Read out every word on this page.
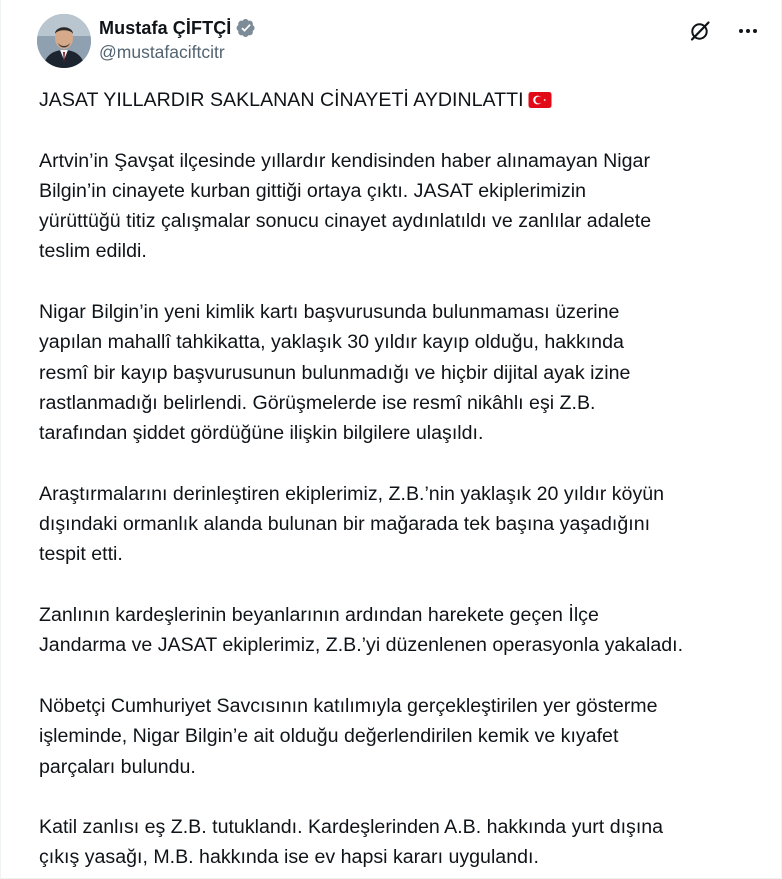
Mustafa ÇİFTÇİ
@mustafaciftcitr
JASAT YILLARDIR SAKLANAN CİNAYETİ AYDINLATTI
Artvin’in Şavşat ilçesinde yıllardır kendisinden haber alınamayan Nigar
Bilgin’in cinayete kurban gittiği ortaya çıktı. JASAT ekiplerimizin
yürüttüğü titiz çalışmalar sonucu cinayet aydınlatıldı ve zanlılar adalete
teslim edildi.
Nigar Bilgin’in yeni kimlik kartı başvurusunda bulunmaması üzerine
yapılan mahallî tahkikatta, yaklaşık 30 yıldır kayıp olduğu, hakkında
resmî bir kayıp başvurusunun bulunmadığı ve hiçbir dijital ayak izine
rastlanmadığı belirlendi. Görüşmelerde ise resmî nikâhlı eşi Z.B.
tarafından şiddet gördüğüne ilişkin bilgilere ulaşıldı.
Araştırmalarını derinleştiren ekiplerimiz, Z.B.’nin yaklaşık 20 yıldır köyün
dışındaki ormanlık alanda bulunan bir mağarada tek başına yaşadığını
tespit etti.
Zanlının kardeşlerinin beyanlarının ardından harekete geçen İlçe
Jandarma ve JASAT ekiplerimiz, Z.B.’yi düzenlenen operasyonla yakaladı.
Nöbetçi Cumhuriyet Savcısının katılımıyla gerçekleştirilen yer gösterme
işleminde, Nigar Bilgin’e ait olduğu değerlendirilen kemik ve kıyafet
parçaları bulundu.
Katil zanlısı eş Z.B. tutuklandı. Kardeşlerinden A.B. hakkında yurt dışına
çıkış yasağı, M.B. hakkında ise ev hapsi kararı uygulandı.
